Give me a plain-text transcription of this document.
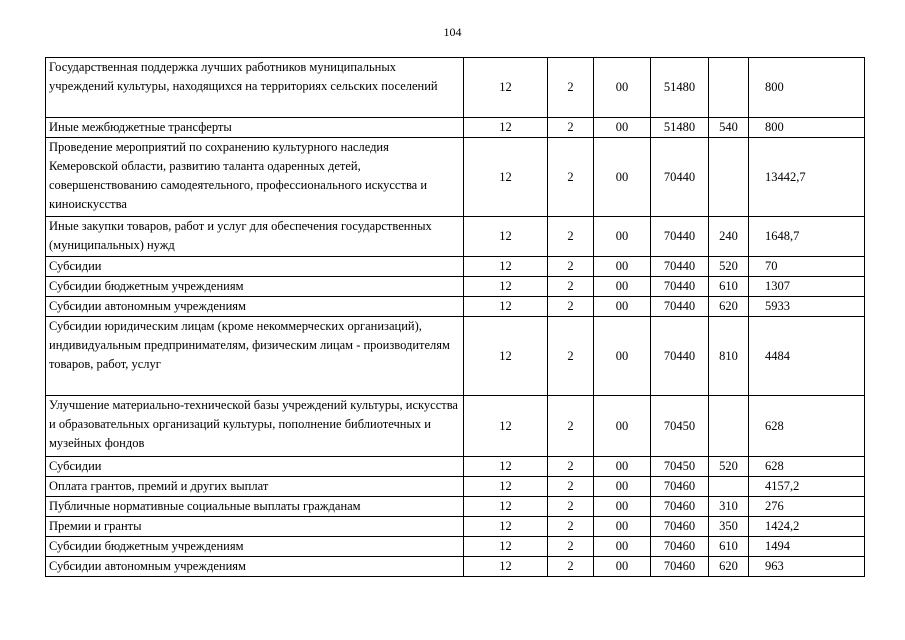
104
Государственная поддержка лучших работников муниципальных учреждений культуры, находящихся на территориях сельских поселений	12	2	00	51480		800
Иные межбюджетные трансферты	12	2	00	51480	540	800
Проведение мероприятий по сохранению культурного наследия Кемеровской области, развитию таланта одаренных детей, совершенствованию самодеятельного, профессионального искусства и киноискусства	12	2	00	70440		13442,7
Иные закупки товаров, работ и услуг для обеспечения государственных (муниципальных) нужд	12	2	00	70440	240	1648,7
Субсидии	12	2	00	70440	520	70
Субсидии бюджетным учреждениям	12	2	00	70440	610	1307
Субсидии автономным учреждениям	12	2	00	70440	620	5933
Субсидии юридическим лицам (кроме некоммерческих организаций), индивидуальным предпринимателям, физическим лицам - производителям товаров, работ, услуг	12	2	00	70440	810	4484
Улучшение материально-технической базы учреждений культуры, искусства и образовательных организаций культуры, пополнение библиотечных и музейных фондов	12	2	00	70450		628
Субсидии	12	2	00	70450	520	628
Оплата грантов, премий и других выплат	12	2	00	70460		4157,2
Публичные нормативные социальные выплаты гражданам	12	2	00	70460	310	276
Премии и гранты	12	2	00	70460	350	1424,2
Субсидии бюджетным учреждениям	12	2	00	70460	610	1494
Субсидии автономным учреждениям	12	2	00	70460	620	963
